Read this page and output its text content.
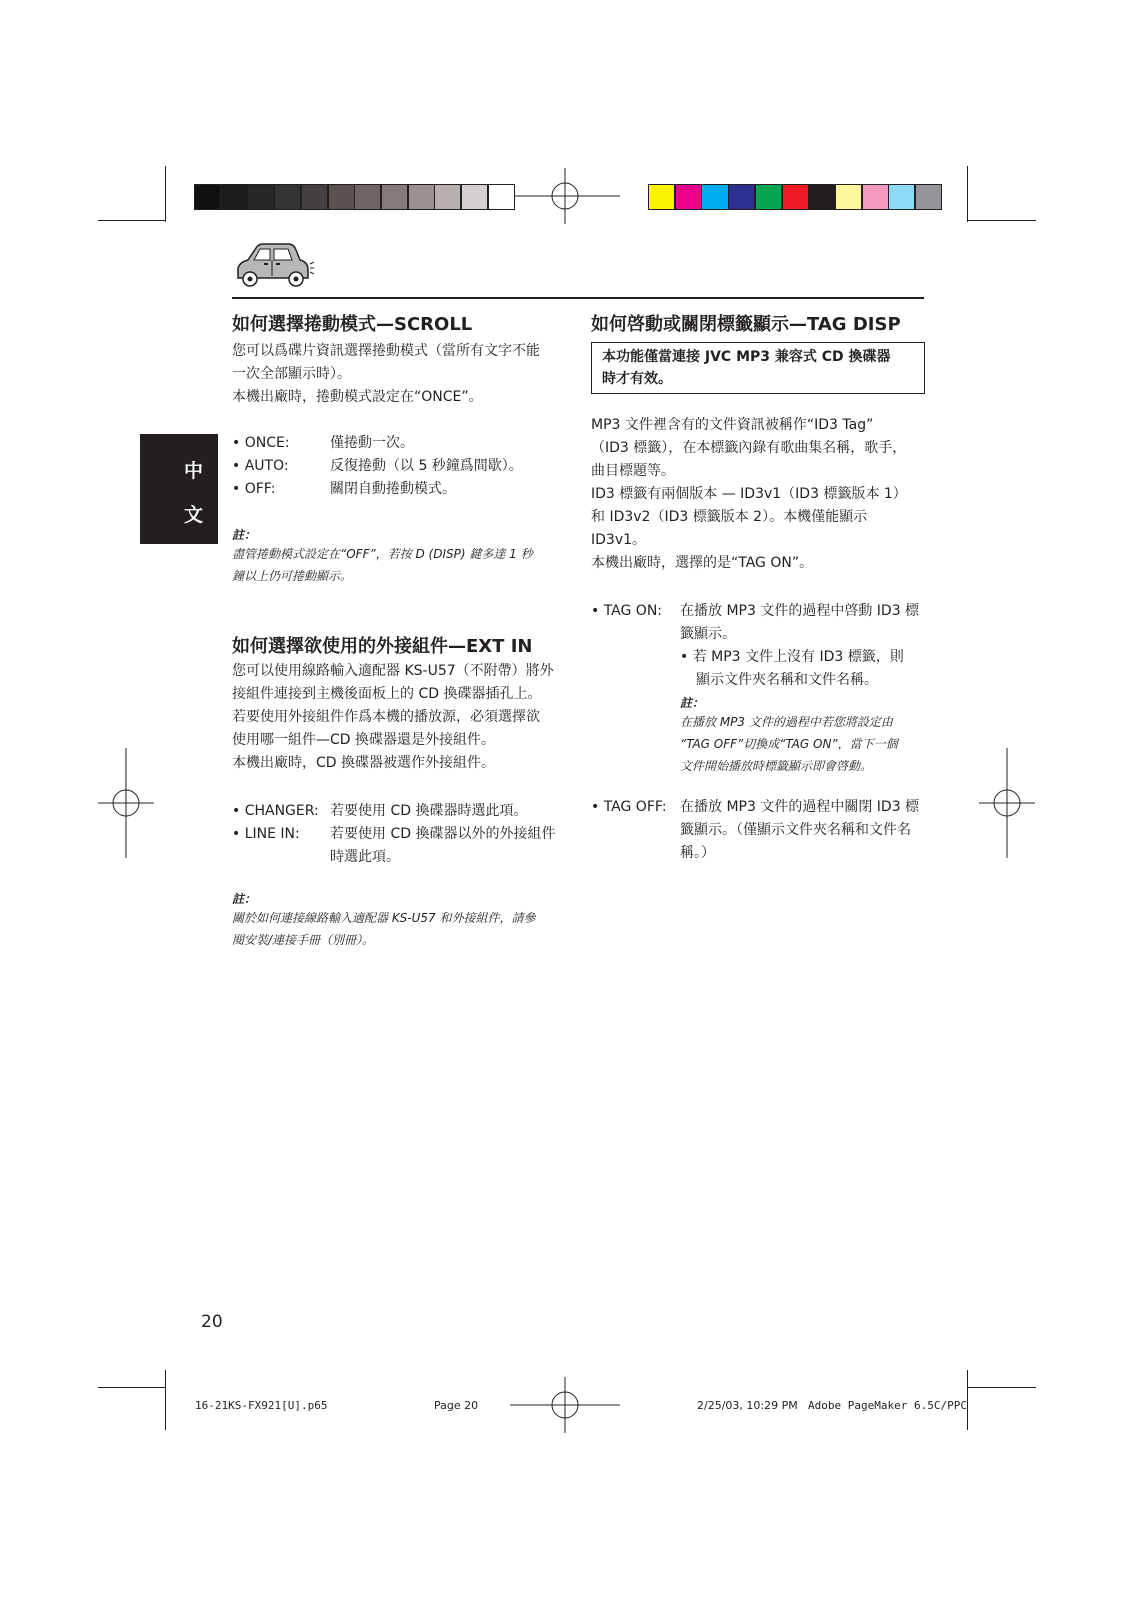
中
文
如何選擇捲動模式—SCROLL
您可以爲碟片資訊選擇捲動模式（當所有文字不能
一次全部顯示時）。
本機出廠時，捲動模式設定在“ONCE”。
• ONCE:	僅捲動一次。
• AUTO:	反復捲動（以 5 秒鐘爲間歇）。
• OFF:	關閉自動捲動模式。
註：
盡管捲動模式設定在“OFF”，若按 D (DISP) 鍵多達 1 秒
鐘以上仍可捲動顯示。
如何選擇欲使用的外接組件—EXT IN
您可以使用線路輸入適配器 KS-U57（不附帶）將外
接組件連接到主機後面板上的 CD 換碟器插孔上。
若要使用外接組件作爲本機的播放源，必須選擇欲
使用哪一組件—CD 換碟器還是外接組件。
本機出廠時，CD 換碟器被選作外接組件。
• CHANGER: 若要使用 CD 換碟器時選此項。
• LINE IN: 若要使用 CD 換碟器以外的外接組件
時選此項。
註：
關於如何連接線路輸入適配器 KS-U57 和外接組件，請參
閱安裝/連接手冊（別冊）。
如何啓動或關閉標籤顯示—TAG DISP
本功能僅當連接 JVC MP3 兼容式 CD 換碟器
時才有效。
MP3 文件裡含有的文件資訊被稱作“ID3 Tag”
（ID3 標籤），在本標籤內錄有歌曲集名稱，歌手，
曲目標題等。
ID3 標籤有兩個版本 — ID3v1（ID3 標籤版本 1）
和 ID3v2（ID3 標籤版本 2）。本機僅能顯示
ID3v1。
本機出廠時，選擇的是“TAG ON”。
• TAG ON: 在播放 MP3 文件的過程中啓動 ID3 標
籤顯示。
• 若 MP3 文件上沒有 ID3 標籤，則
顯示文件夾名稱和文件名稱。
註：
在播放 MP3 文件的過程中若您將設定由
“TAG OFF”切換成“TAG ON”，當下一個
文件開始播放時標籤顯示即會啓動。
• TAG OFF: 在播放 MP3 文件的過程中關閉 ID3 標
籤顯示。（僅顯示文件夾名稱和文件名
稱。）
20
16-21KS-FX921[U].p65	Page 20	2/25/03, 10:29 PM Adobe PageMaker 6.5C/PPC
